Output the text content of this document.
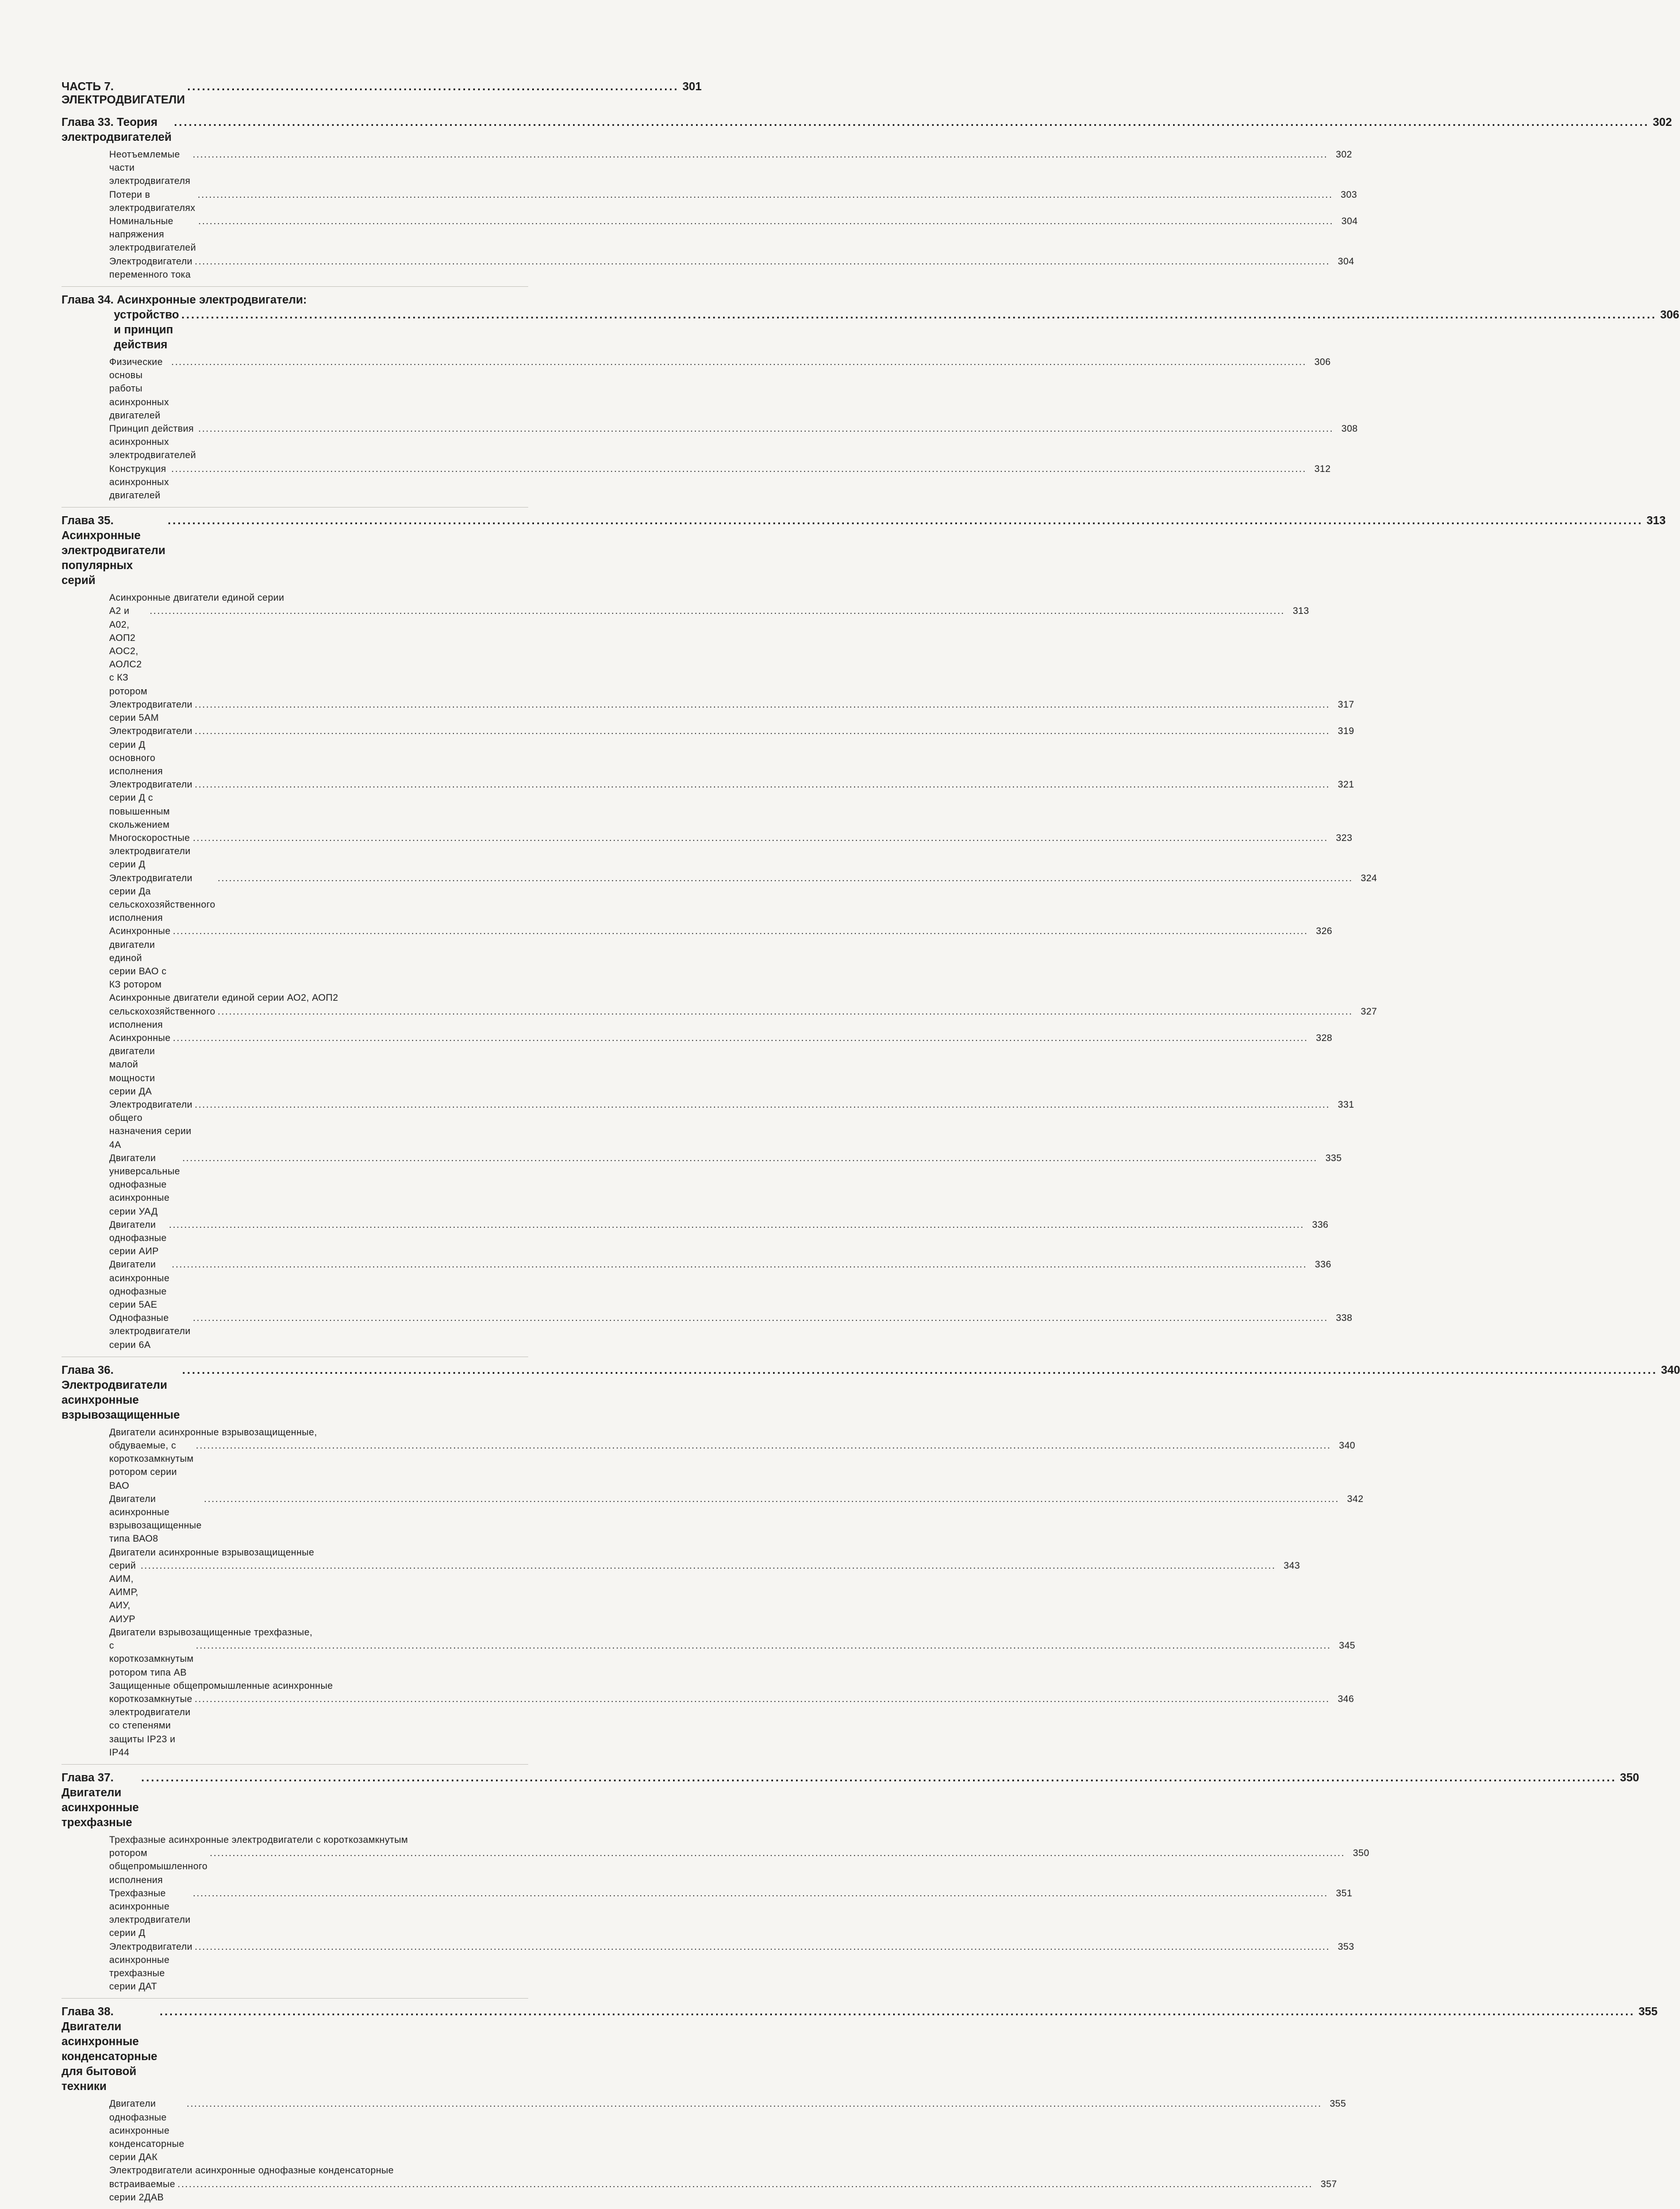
ЧАСТЬ 7. ЭЛЕКТРОДВИГАТЕЛИ
.................................................................................................... 301
Глава 33. Теория электродвигателей
............................................................................................................................................................................................................................................................................................................ 302
Неотъемлемые части электродвигателя
............................................................................................................................................................................................................................................................................................................ 302
Потери в электродвигателях
............................................................................................................................................................................................................................................................................................................ 303
Номинальные напряжения электродвигателей
............................................................................................................................................................................................................................................................................................................ 304
Электродвигатели переменного тока
............................................................................................................................................................................................................................................................................................................ 304
Глава 34. Асинхронные электродвигатели:
устройство и принцип действия
............................................................................................................................................................................................................................................................................................................ 306
Физические основы работы асинхронных двигателей
............................................................................................................................................................................................................................................................................................................ 306
Принцип действия асинхронных электродвигателей
............................................................................................................................................................................................................................................................................................................ 308
Конструкция асинхронных двигателей
............................................................................................................................................................................................................................................................................................................ 312
Глава 35. Асинхронные электродвигатели популярных серий
............................................................................................................................................................................................................................................................................................................ 313
Асинхронные двигатели единой серии
А2 и А02, АОП2 АОС2, АОЛС2 с КЗ ротором
............................................................................................................................................................................................................................................................................................................ 313
Электродвигатели серии 5АМ
............................................................................................................................................................................................................................................................................................................ 317
Электродвигатели серии Д основного исполнения
............................................................................................................................................................................................................................................................................................................ 319
Электродвигатели серии Д с повышенным скольжением
............................................................................................................................................................................................................................................................................................................ 321
Многоскоростные электродвигатели серии Д
............................................................................................................................................................................................................................................................................................................ 323
Электродвигатели серии Да сельскохозяйственного исполнения
............................................................................................................................................................................................................................................................................................................ 324
Асинхронные двигатели единой серии ВАО с КЗ ротором
............................................................................................................................................................................................................................................................................................................ 326
Асинхронные двигатели единой серии АО2, АОП2
сельскохозяйственного исполнения
............................................................................................................................................................................................................................................................................................................ 327
Асинхронные двигатели малой мощности серии ДА
............................................................................................................................................................................................................................................................................................................ 328
Электродвигатели общего назначения серии 4А
............................................................................................................................................................................................................................................................................................................ 331
Двигатели универсальные однофазные асинхронные серии УАД
............................................................................................................................................................................................................................................................................................................ 335
Двигатели однофазные серии АИР
............................................................................................................................................................................................................................................................................................................ 336
Двигатели асинхронные однофазные серии 5АЕ
............................................................................................................................................................................................................................................................................................................ 336
Однофазные электродвигатели серии 6А
............................................................................................................................................................................................................................................................................................................ 338
Глава 36. Электродвигатели асинхронные взрывозащищенные
............................................................................................................................................................................................................................................................................................................ 340
Двигатели асинхронные взрывозащищенные,
обдуваемые, с короткозамкнутым ротором серии ВАО
............................................................................................................................................................................................................................................................................................................ 340
Двигатели асинхронные взрывозащищенные типа ВАО8
............................................................................................................................................................................................................................................................................................................ 342
Двигатели асинхронные взрывозащищенные
серий АИМ, АИМР, АИУ, АИУР
............................................................................................................................................................................................................................................................................................................ 343
Двигатели взрывозащищенные трехфазные,
с короткозамкнутым ротором типа АВ
............................................................................................................................................................................................................................................................................................................ 345
Защищенные общепромышленные асинхронные
короткозамкнутые электродвигатели со степенями защиты IP23 и IP44
............................................................................................................................................................................................................................................................................................................ 346
Глава 37. Двигатели асинхронные трехфазные
............................................................................................................................................................................................................................................................................................................ 350
Трехфазные асинхронные электродвигатели с короткозамкнутым
ротором общепромышленного исполнения
............................................................................................................................................................................................................................................................................................................ 350
Трехфазные асинхронные электродвигатели серии Д
............................................................................................................................................................................................................................................................................................................ 351
Электродвигатели асинхронные трехфазные серии ДАТ
............................................................................................................................................................................................................................................................................................................ 353
Глава 38. Двигатели асинхронные конденсаторные для бытовой техники
............................................................................................................................................................................................................................................................................................................ 355
Двигатели однофазные асинхронные конденсаторные серии ДАК
............................................................................................................................................................................................................................................................................................................ 355
Электродвигатели асинхронные однофазные конденсаторные
встраиваемые серии 2ДАВ
............................................................................................................................................................................................................................................................................................................ 357
